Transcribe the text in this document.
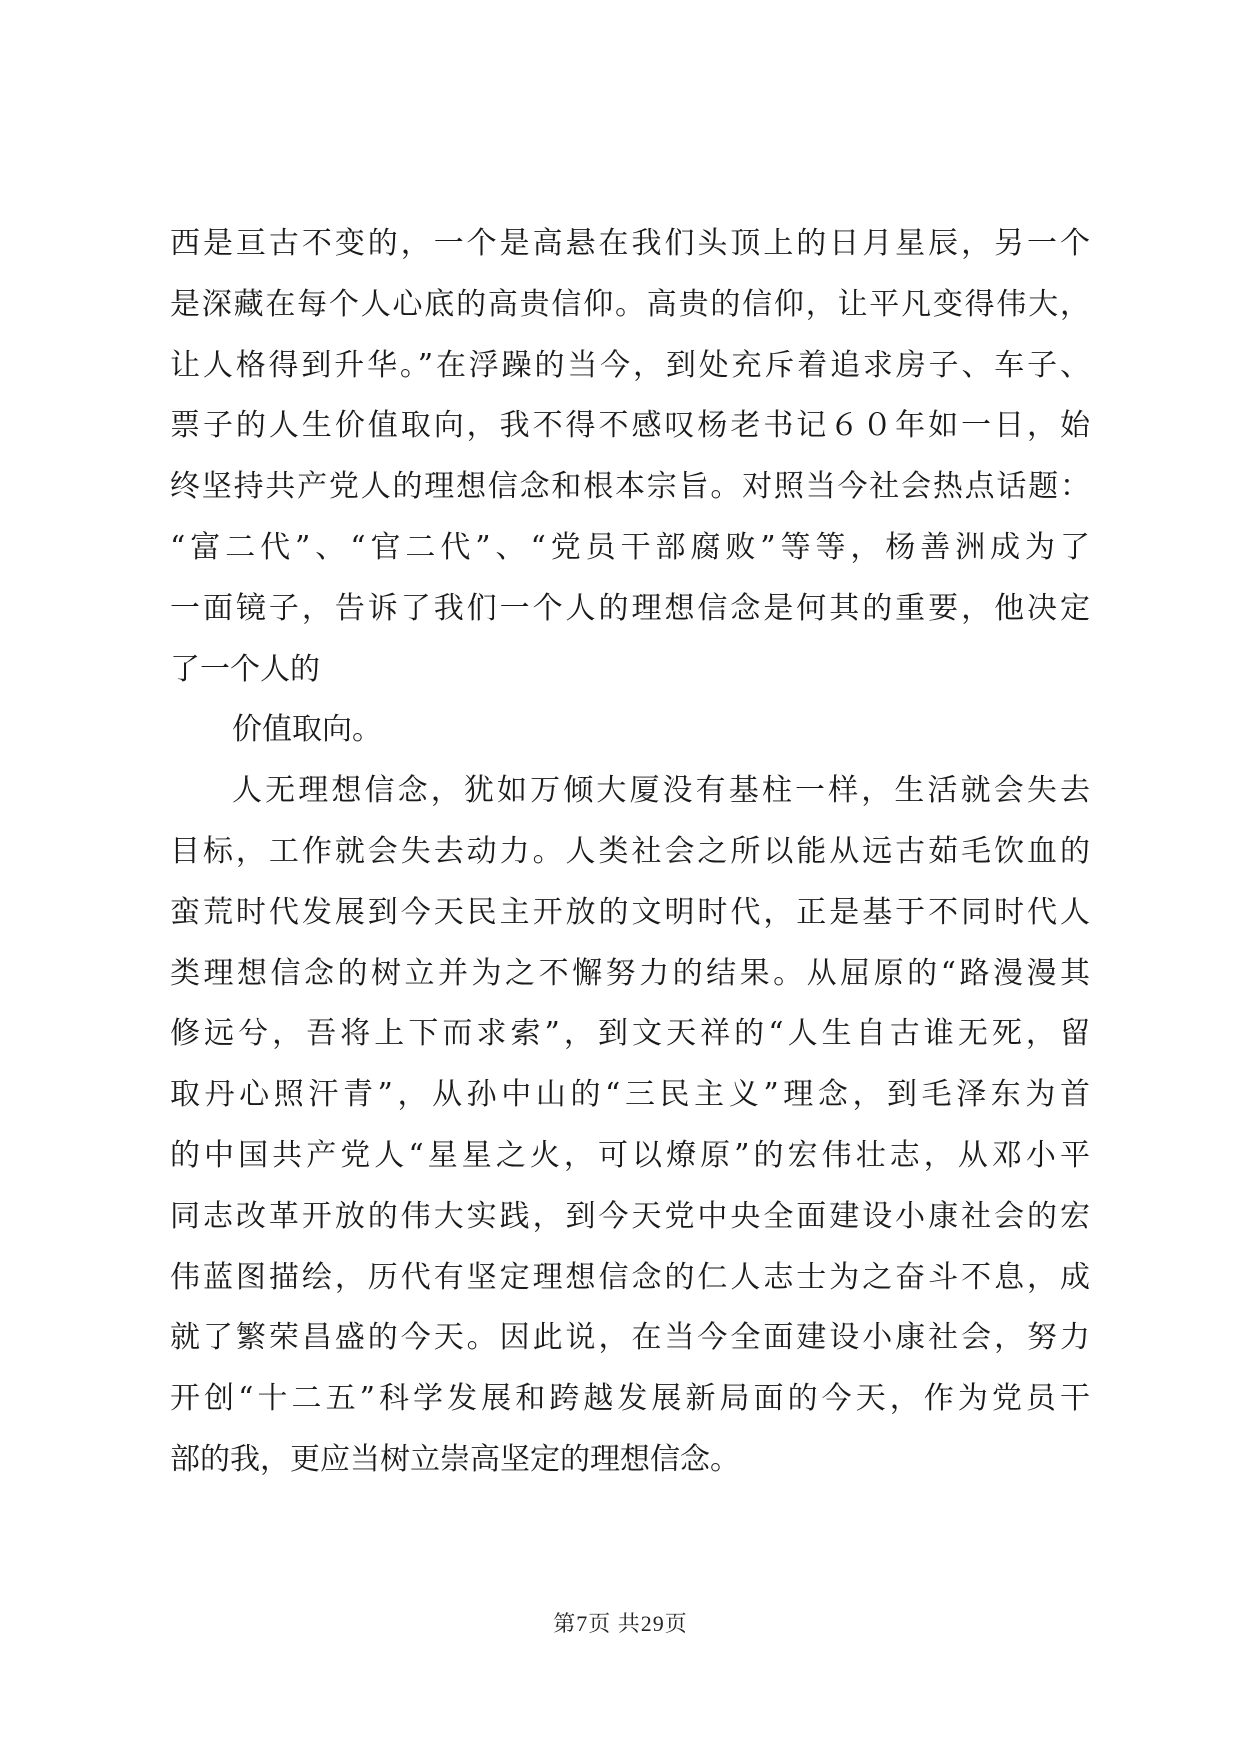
西是亘古不变的，一个是高悬在我们头顶上的日月星辰，另一个
是深藏在每个人心底的高贵信仰。高贵的信仰，让平凡变得伟大，
让人格得到升华。”在浮躁的当今，到处充斥着追求房子、车子、
票子的人生价值取向，我不得不感叹杨老书记６０年如一日，始
终坚持共产党人的理想信念和根本宗旨。对照当今社会热点话题：
“富二代”、“官二代”、“党员干部腐败”等等，杨善洲成为了
一面镜子，告诉了我们一个人的理想信念是何其的重要，他决定
了一个人的
价值取向。
人无理想信念，犹如万倾大厦没有基柱一样，生活就会失去
目标，工作就会失去动力。人类社会之所以能从远古茹毛饮血的
蛮荒时代发展到今天民主开放的文明时代，正是基于不同时代人
类理想信念的树立并为之不懈努力的结果。从屈原的“路漫漫其
修远兮，吾将上下而求索”，到文天祥的“人生自古谁无死，留
取丹心照汗青”，从孙中山的“三民主义”理念，到毛泽东为首
的中国共产党人“星星之火，可以燎原”的宏伟壮志，从邓小平
同志改革开放的伟大实践，到今天党中央全面建设小康社会的宏
伟蓝图描绘，历代有坚定理想信念的仁人志士为之奋斗不息，成
就了繁荣昌盛的今天。因此说，在当今全面建设小康社会，努力
开创“十二五”科学发展和跨越发展新局面的今天，作为党员干
部的我，更应当树立崇高坚定的理想信念。
第7页 共29页
